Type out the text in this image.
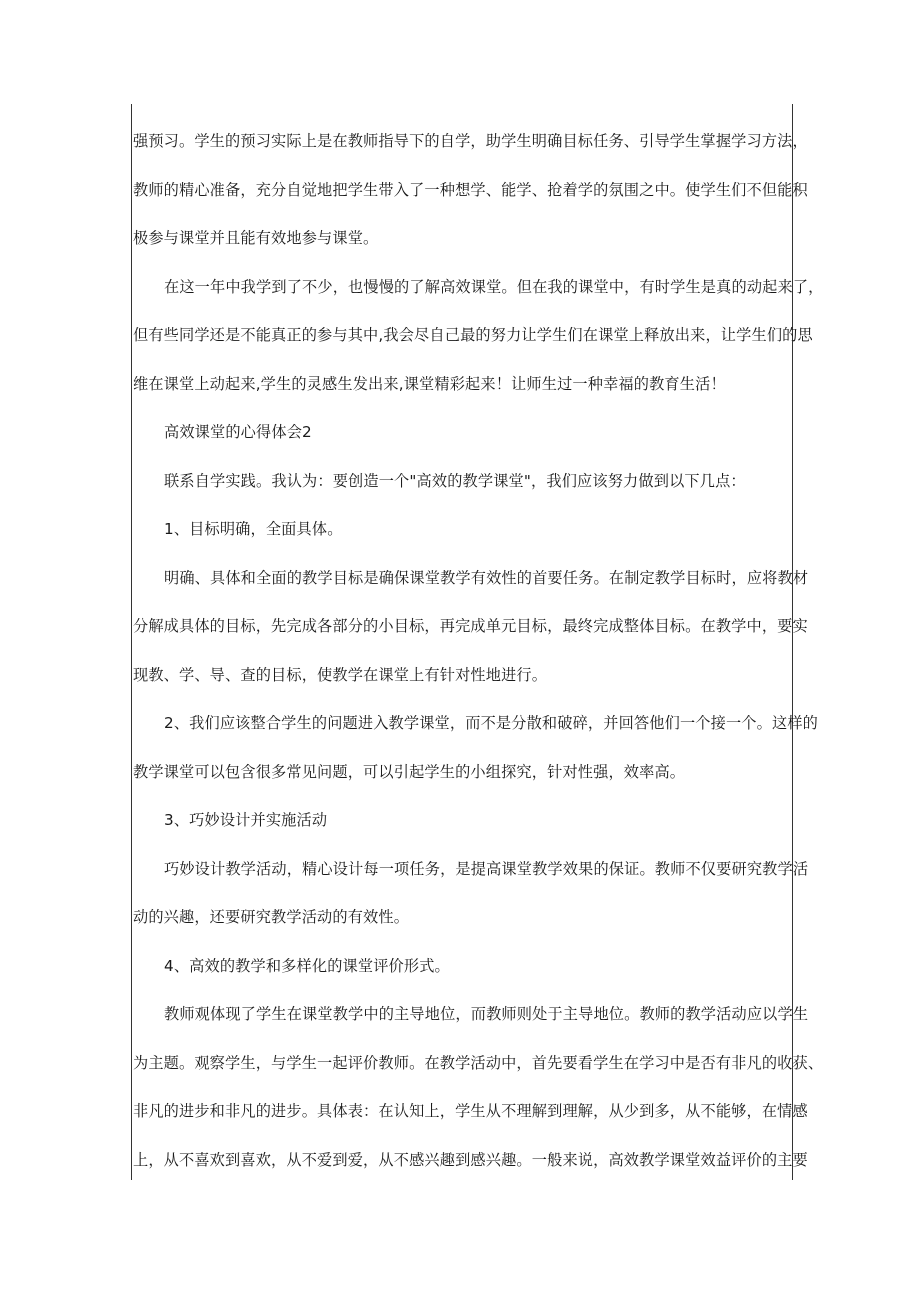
强预习。学生的预习实际上是在教师指导下的自学，助学生明确目标任务、引导学生掌握学习方法，
教师的精心准备，充分自觉地把学生带入了一种想学、能学、抢着学的氛围之中。使学生们不但能积
极参与课堂并且能有效地参与课堂。
在这一年中我学到了不少，也慢慢的了解高效课堂。但在我的课堂中，有时学生是真的动起来了，
但有些同学还是不能真正的参与其中,我会尽自己最的努力让学生们在课堂上释放出来，让学生们的思
维在课堂上动起来,学生的灵感生发出来,课堂精彩起来！让师生过一种幸福的教育生活！
高效课堂的心得体会2
联系自学实践。我认为：要创造一个"高效的教学课堂"，我们应该努力做到以下几点：
1、目标明确，全面具体。
明确、具体和全面的教学目标是确保课堂教学有效性的首要任务。在制定教学目标时，应将教材
分解成具体的目标，先完成各部分的小目标，再完成单元目标，最终完成整体目标。在教学中，要实
现教、学、导、查的目标，使教学在课堂上有针对性地进行。
2、我们应该整合学生的问题进入教学课堂，而不是分散和破碎，并回答他们一个接一个。这样的
教学课堂可以包含很多常见问题，可以引起学生的小组探究，针对性强，效率高。
3、巧妙设计并实施活动
巧妙设计教学活动，精心设计每一项任务，是提高课堂教学效果的保证。教师不仅要研究教学活
动的兴趣，还要研究教学活动的有效性。
4、高效的教学和多样化的课堂评价形式。
教师观体现了学生在课堂教学中的主导地位，而教师则处于主导地位。教师的教学活动应以学生
为主题。观察学生，与学生一起评价教师。在教学活动中，首先要看学生在学习中是否有非凡的收获、
非凡的进步和非凡的进步。具体表：在认知上，学生从不理解到理解，从少到多，从不能够，在情感
上，从不喜欢到喜欢，从不爱到爱，从不感兴趣到感兴趣。一般来说，高效教学课堂效益评价的主要
